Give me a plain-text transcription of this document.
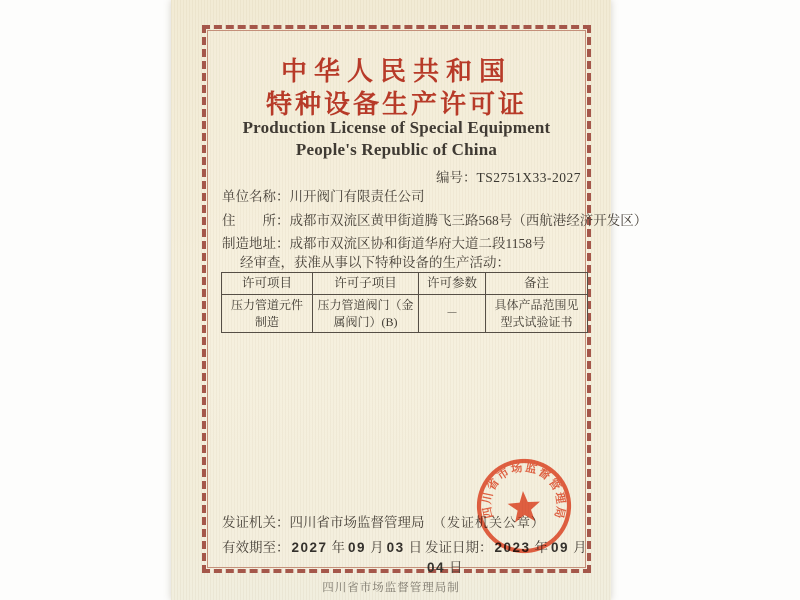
中华人民共和国
特种设备生产许可证
Production License of Special Equipment
People's Republic of China
编号：TS2751X33-2027
单位名称：川开阀门有限责任公司
住　　所：成都市双流区黄甲街道腾飞三路568号（西航港经济开发区）
制造地址：成都市双流区协和街道华府大道二段1158号
经审查，获准从事以下特种设备的生产活动：
许可项目	许可子项目	许可参数	备注
压力管道元件制造	压力管道阀门（金属阀门）(B)	－	具体产品范围见型式试验证书
发证机关：四川省市场监督管理局 （发证机关公章）
有效期至： 2027 年 09 月 03 日 发证日期： 2023 年 09 月04 日
四川省市场监督管理局制
四川省市场监督管理局
